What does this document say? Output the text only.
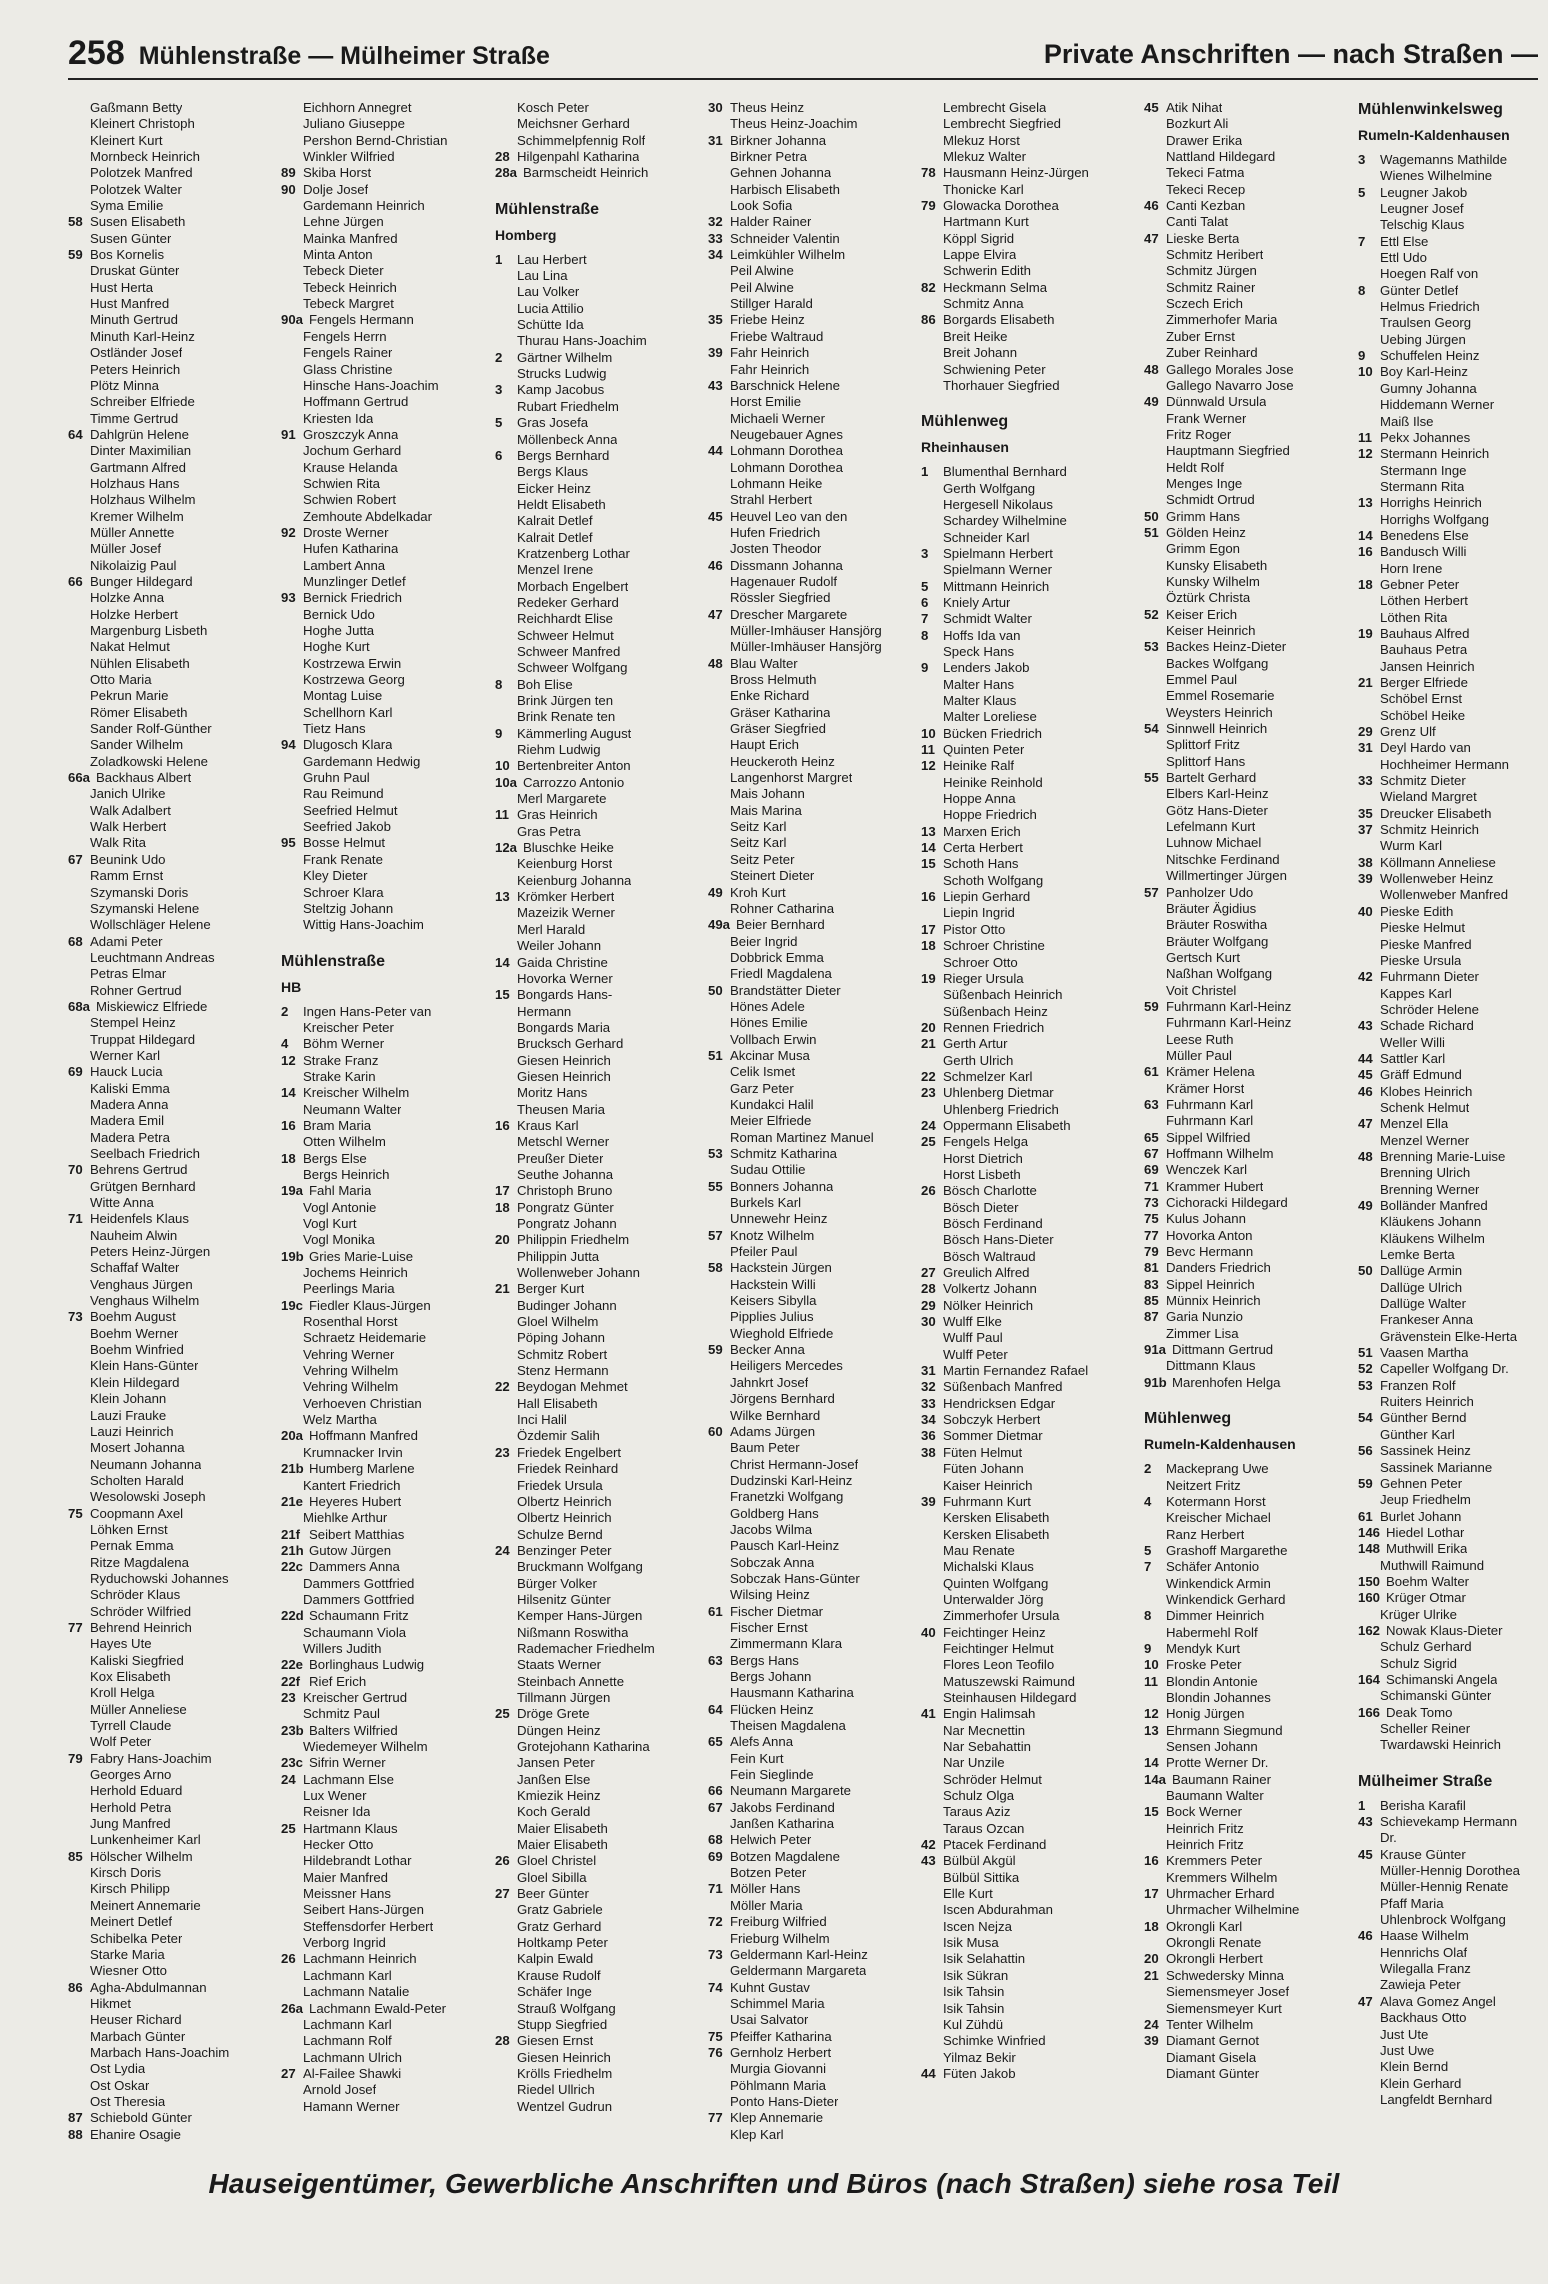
258 Mühlenstraße — Mülheimer Straße	Private Anschriften — nach Straßen —
Gaßmann Betty
Kleinert Christoph
Kleinert Kurt
Mornbeck Heinrich
Polotzek Manfred
Polotzek Walter
Syma Emilie
58 Susen Elisabeth
Susen Günter
59 Bos Kornelis
Druskat Günter
Hust Herta
Hust Manfred
Minuth Gertrud
Minuth Karl-Heinz
Ostländer Josef
Peters Heinrich
Plötz Minna
Schreiber Elfriede
Timme Gertrud
64 Dahlgrün Helene
Dinter Maximilian
Gartmann Alfred
Holzhaus Hans
Holzhaus Wilhelm
Kremer Wilhelm
Müller Annette
Müller Josef
Nikolaizig Paul
66 Bunger Hildegard
Holzke Anna
Holzke Herbert
Margenburg Lisbeth
Nakat Helmut
Nühlen Elisabeth
Otto Maria
Pekrun Marie
Römer Elisabeth
Sander Rolf-Günther
Sander Wilhelm
Zoladkowski Helene
66a Backhaus Albert
Janich Ulrike
Walk Adalbert
Walk Herbert
Walk Rita
67 Beunink Udo
Ramm Ernst
Szymanski Doris
Szymanski Helene
Wollschläger Helene
68 Adami Peter
Leuchtmann Andreas
Petras Elmar
Rohner Gertrud
68a Miskiewicz Elfriede
Stempel Heinz
Truppat Hildegard
Werner Karl
69 Hauck Lucia
Kaliski Emma
Madera Anna
Madera Emil
Madera Petra
Seelbach Friedrich
70 Behrens Gertrud
Grütgen Bernhard
Witte Anna
71 Heidenfels Klaus
Nauheim Alwin
Peters Heinz-Jürgen
Schaffaf Walter
Venghaus Jürgen
Venghaus Wilhelm
73 Boehm August
Boehm Werner
Boehm Winfried
Klein Hans-Günter
Klein Hildegard
Klein Johann
Lauzi Frauke
Lauzi Heinrich
Mosert Johanna
Neumann Johanna
Scholten Harald
Wesolowski Joseph
75 Coopmann Axel
Löhken Ernst
Pernak Emma
Ritze Magdalena
Ryduchowski Johannes
Schröder Klaus
Schröder Wilfried
77 Behrend Heinrich
Hayes Ute
Kaliski Siegfried
Kox Elisabeth
Kroll Helga
Müller Anneliese
Tyrrell Claude
Wolf Peter
79 Fabry Hans-Joachim
Georges Arno
Herhold Eduard
Herhold Petra
Jung Manfred
Lunkenheimer Karl
85 Hölscher Wilhelm
Kirsch Doris
Kirsch Philipp
Meinert Annemarie
Meinert Detlef
Schibelka Peter
Starke Maria
Wiesner Otto
86 Agha-Abdulmannan
Hikmet
Heuser Richard
Marbach Günter
Marbach Hans-Joachim
Ost Lydia
Ost Oskar
Ost Theresia
87 Schiebold Günter
88 Ehanire Osagie
Eichhorn Annegret
Juliano Giuseppe
Pershon Bernd-Christian
Winkler Wilfried
89 Skiba Horst
90 Dolje Josef
Gardemann Heinrich
Lehne Jürgen
Mainka Manfred
Minta Anton
Tebeck Dieter
Tebeck Heinrich
Tebeck Margret
90a Fengels Hermann
Fengels Herrn
Fengels Rainer
Glass Christine
Hinsche Hans-Joachim
Hoffmann Gertrud
Kriesten Ida
91 Groszczyk Anna
Jochum Gerhard
Krause Helanda
Schwien Rita
Schwien Robert
Zemhoute Abdelkadar
92 Droste Werner
Hufen Katharina
Lambert Anna
Munzlinger Detlef
93 Bernick Friedrich
Bernick Udo
Hoghe Jutta
Hoghe Kurt
Kostrzewa Erwin
Kostrzewa Georg
Montag Luise
Schellhorn Karl
Tietz Hans
94 Dlugosch Klara
Gardemann Hedwig
Gruhn Paul
Rau Reimund
Seefried Helmut
Seefried Jakob
95 Bosse Helmut
Frank Renate
Kley Dieter
Schroer Klara
Steltzig Johann
Wittig Hans-Joachim
Mühlenstraße
HB
2	Ingen Hans-Peter van
Kreischer Peter
4	Böhm Werner
12 Strake Franz
Strake Karin
14 Kreischer Wilhelm
Neumann Walter
16 Bram Maria
Otten Wilhelm
18 Bergs Else
Bergs Heinrich
19a Fahl Maria
Vogl Antonie
Vogl Kurt
Vogl Monika
19b Gries Marie-Luise
Jochems Heinrich
Peerlings Maria
19c Fiedler Klaus-Jürgen
Rosenthal Horst
Schraetz Heidemarie
Vehring Werner
Vehring Wilhelm
Vehring Wilhelm
Verhoeven Christian
Welz Martha
20a Hoffmann Manfred
Krumnacker Irvin
21b Humberg Marlene
Kantert Friedrich
21e Heyeres Hubert
Miehlke Arthur
21f Seibert Matthias
21h Gutow Jürgen
22c Dammers Anna
Dammers Gottfried
Dammers Gottfried
22d Schaumann Fritz
Schaumann Viola
Willers Judith
22e Borlinghaus Ludwig
22f Rief Erich
23 Kreischer Gertrud
Schmitz Paul
23b Balters Wilfried
Wiedemeyer Wilhelm
23c Sifrin Werner
24 Lachmann Else
Lux Wener
Reisner Ida
25 Hartmann Klaus
Hecker Otto
Hildebrandt Lothar
Maier Manfred
Meissner Hans
Seibert Hans-Jürgen
Steffensdorfer Herbert
Verborg Ingrid
26 Lachmann Heinrich
Lachmann Karl
Lachmann Natalie
26a Lachmann Ewald-Peter
Lachmann Karl
Lachmann Rolf
Lachmann Ulrich
27 Al-Failee Shawki
Arnold Josef
Hamann Werner
Kosch Peter
Meichsner Gerhard
Schimmelpfennig Rolf
28 Hilgenpahl Katharina
28a Barmscheidt Heinrich
Mühlenstraße
Homberg
1	Lau Herbert
Lau Lina
Lau Volker
Lucia Attilio
Schütte Ida
Thurau Hans-Joachim
2	Gärtner Wilhelm
Strucks Ludwig
3	Kamp Jacobus
Rubart Friedhelm
5	Gras Josefa
Möllenbeck Anna
6	Bergs Bernhard
Bergs Klaus
Eicker Heinz
Heldt Elisabeth
Kalrait Detlef
Kalrait Detlef
Kratzenberg Lothar
Menzel Irene
Morbach Engelbert
Redeker Gerhard
Reichhardt Elise
Schweer Helmut
Schweer Manfred
Schweer Wolfgang
8	Boh Elise
Brink Jürgen ten
Brink Renate ten
9	Kämmerling August
Riehm Ludwig
10 Bertenbreiter Anton
10a Carrozzo Antonio
Merl Margarete
11 Gras Heinrich
Gras Petra
12a Bluschke Heike
Keienburg Horst
Keienburg Johanna
13 Krömker Herbert
Mazeizik Werner
Merl Harald
Weiler Johann
14 Gaida Christine
Hovorka Werner
15 Bongards Hans-
Hermann
Bongards Maria
Brucksch Gerhard
Giesen Heinrich
Giesen Heinrich
Moritz Hans
Theusen Maria
16 Kraus Karl
Metschl Werner
Preußer Dieter
Seuthe Johanna
17 Christoph Bruno
18 Pongratz Günter
Pongratz Johann
20 Philippin Friedhelm
Philippin Jutta
Wollenweber Johann
21 Berger Kurt
Budinger Johann
Gloel Wilhelm
Pöping Johann
Schmitz Robert
Stenz Hermann
22 Beydogan Mehmet
Hall Elisabeth
Inci Halil
Özdemir Salih
23 Friedek Engelbert
Friedek Reinhard
Friedek Ursula
Olbertz Heinrich
Olbertz Heinrich
Schulze Bernd
24 Benzinger Peter
Bruckmann Wolfgang
Bürger Volker
Hilsenitz Günter
Kemper Hans-Jürgen
Nißmann Roswitha
Rademacher Friedhelm
Staats Werner
Steinbach Annette
Tillmann Jürgen
25 Dröge Grete
Düngen Heinz
Grotejohann Katharina
Jansen Peter
Janßen Else
Kmiezik Heinz
Koch Gerald
Maier Elisabeth
Maier Elisabeth
26 Gloel Christel
Gloel Sibilla
27 Beer Günter
Gratz Gabriele
Gratz Gerhard
Holtkamp Peter
Kalpin Ewald
Krause Rudolf
Schäfer Inge
Strauß Wolfgang
Stupp Siegfried
28 Giesen Ernst
Giesen Heinrich
Krölls Friedhelm
Riedel Ullrich
Wentzel Gudrun
30 Theus Heinz
Theus Heinz-Joachim
31 Birkner Johanna
Birkner Petra
Gehnen Johanna
Harbisch Elisabeth
Look Sofia
32 Halder Rainer
33 Schneider Valentin
34 Leimkühler Wilhelm
Peil Alwine
Peil Alwine
Stillger Harald
35 Friebe Heinz
Friebe Waltraud
39 Fahr Heinrich
Fahr Heinrich
43 Barschnick Helene
Horst Emilie
Michaeli Werner
Neugebauer Agnes
44 Lohmann Dorothea
Lohmann Dorothea
Lohmann Heike
Strahl Herbert
45 Heuvel Leo van den
Hufen Friedrich
Josten Theodor
46 Dissmann Johanna
Hagenauer Rudolf
Rössler Siegfried
47 Drescher Margarete
Müller-Imhäuser Hansjörg
Müller-Imhäuser Hansjörg
48 Blau Walter
Bross Helmuth
Enke Richard
Gräser Katharina
Gräser Siegfried
Haupt Erich
Heuckeroth Heinz
Langenhorst Margret
Mais Johann
Mais Marina
Seitz Karl
Seitz Karl
Seitz Peter
Steinert Dieter
49 Kroh Kurt
Rohner Catharina
49a Beier Bernhard
Beier Ingrid
Dobbrick Emma
Friedl Magdalena
50 Brandstätter Dieter
Hönes Adele
Hönes Emilie
Vollbach Erwin
51 Akcinar Musa
Celik Ismet
Garz Peter
Kundakci Halil
Meier Elfriede
Roman Martinez Manuel
53 Schmitz Katharina
Sudau Ottilie
55 Bonners Johanna
Burkels Karl
Unnewehr Heinz
57 Knotz Wilhelm
Pfeiler Paul
58 Hackstein Jürgen
Hackstein Willi
Keisers Sibylla
Pipplies Julius
Wieghold Elfriede
59 Becker Anna
Heiligers Mercedes
Jahnkrt Josef
Jörgens Bernhard
Wilke Bernhard
60 Adams Jürgen
Baum Peter
Christ Hermann-Josef
Dudzinski Karl-Heinz
Franetzki Wolfgang
Goldberg Hans
Jacobs Wilma
Pausch Karl-Heinz
Sobczak Anna
Sobczak Hans-Günter
Wilsing Heinz
61 Fischer Dietmar
Fischer Ernst
Zimmermann Klara
63 Bergs Hans
Bergs Johann
Hausmann Katharina
64 Flücken Heinz
Theisen Magdalena
65 Alefs Anna
Fein Kurt
Fein Sieglinde
66 Neumann Margarete
67 Jakobs Ferdinand
Janßen Katharina
68 Helwich Peter
69 Botzen Magdalene
Botzen Peter
71 Möller Hans
Möller Maria
72 Freiburg Wilfried
Frieburg Wilhelm
73 Geldermann Karl-Heinz
Geldermann Margareta
74 Kuhnt Gustav
Schimmel Maria
Usai Salvator
75 Pfeiffer Katharina
76 Gernholz Herbert
Murgia Giovanni
Pöhlmann Maria
Ponto Hans-Dieter
77 Klep Annemarie
Klep Karl
Lembrecht Gisela
Lembrecht Siegfried
Mlekuz Horst
Mlekuz Walter
78 Hausmann Heinz-Jürgen
Thonicke Karl
79 Glowacka Dorothea
Hartmann Kurt
Köppl Sigrid
Lappe Elvira
Schwerin Edith
82 Heckmann Selma
Schmitz Anna
86 Borgards Elisabeth
Breit Heike
Breit Johann
Schwiening Peter
Thorhauer Siegfried
Mühlenweg
Rheinhausen
1	Blumenthal Bernhard
Gerth Wolfgang
Hergesell Nikolaus
Schardey Wilhelmine
Schneider Karl
3	Spielmann Herbert
Spielmann Werner
5	Mittmann Heinrich
6	Kniely Artur
7	Schmidt Walter
8	Hoffs Ida van
Speck Hans
9	Lenders Jakob
Malter Hans
Malter Klaus
Malter Loreliese
10 Bücken Friedrich
11 Quinten Peter
12 Heinike Ralf
Heinike Reinhold
Hoppe Anna
Hoppe Friedrich
13 Marxen Erich
14 Certa Herbert
15 Schoth Hans
Schoth Wolfgang
16 Liepin Gerhard
Liepin Ingrid
17 Pistor Otto
18 Schroer Christine
Schroer Otto
19 Rieger Ursula
Süßenbach Heinrich
Süßenbach Heinz
20 Rennen Friedrich
21 Gerth Artur
Gerth Ulrich
22 Schmelzer Karl
23 Uhlenberg Dietmar
Uhlenberg Friedrich
24 Oppermann Elisabeth
25 Fengels Helga
Horst Dietrich
Horst Lisbeth
26 Bösch Charlotte
Bösch Dieter
Bösch Ferdinand
Bösch Hans-Dieter
Bösch Waltraud
27 Greulich Alfred
28 Volkertz Johann
29 Nölker Heinrich
30 Wulff Elke
Wulff Paul
Wulff Peter
31 Martin Fernandez Rafael
32 Süßenbach Manfred
33 Hendricksen Edgar
34 Sobczyk Herbert
36 Sommer Dietmar
38 Füten Helmut
Füten Johann
Kaiser Heinrich
39 Fuhrmann Kurt
Kersken Elisabeth
Kersken Elisabeth
Mau Renate
Michalski Klaus
Quinten Wolfgang
Unterwalder Jörg
Zimmerhofer Ursula
40 Feichtinger Heinz
Feichtinger Helmut
Flores Leon Teofilo
Matuszewski Raimund
Steinhausen Hildegard
41 Engin Halimsah
Nar Mecnettin
Nar Sebahattin
Nar Unzile
Schröder Helmut
Schulz Olga
Taraus Aziz
Taraus Ozcan
42 Ptacek Ferdinand
43 Bülbül Akgül
Bülbül Sittika
Elle Kurt
Iscen Abdurahman
Iscen Nejza
Isik Musa
Isik Selahattin
Isik Sükran
Isik Tahsin
Isik Tahsin
Kul Zühdü
Schimke Winfried
Yilmaz Bekir
44 Füten Jakob
45 Atik Nihat
Bozkurt Ali
Drawer Erika
Nattland Hildegard
Tekeci Fatma
Tekeci Recep
46 Canti Kezban
Canti Talat
47 Lieske Berta
Schmitz Heribert
Schmitz Jürgen
Schmitz Rainer
Sczech Erich
Zimmerhofer Maria
Zuber Ernst
Zuber Reinhard
48 Gallego Morales Jose
Gallego Navarro Jose
49 Dünnwald Ursula
Frank Werner
Fritz Roger
Hauptmann Siegfried
Heldt Rolf
Menges Inge
Schmidt Ortrud
50 Grimm Hans
51 Gölden Heinz
Grimm Egon
Kunsky Elisabeth
Kunsky Wilhelm
Öztürk Christa
52 Keiser Erich
Keiser Heinrich
53 Backes Heinz-Dieter
Backes Wolfgang
Emmel Paul
Emmel Rosemarie
Weysters Heinrich
54 Sinnwell Heinrich
Splittorf Fritz
Splittorf Hans
55 Bartelt Gerhard
Elbers Karl-Heinz
Götz Hans-Dieter
Lefelmann Kurt
Luhnow Michael
Nitschke Ferdinand
Willmertinger Jürgen
57 Panholzer Udo
Bräuter Ägidius
Bräuter Roswitha
Bräuter Wolfgang
Gertsch Kurt
Naßhan Wolfgang
Voit Christel
59 Fuhrmann Karl-Heinz
Fuhrmann Karl-Heinz
Leese Ruth
Müller Paul
61 Krämer Helena
Krämer Horst
63 Fuhrmann Karl
Fuhrmann Karl
65 Sippel Wilfried
67 Hoffmann Wilhelm
69 Wenczek Karl
71 Krammer Hubert
73 Cichoracki Hildegard
75 Kulus Johann
77 Hovorka Anton
79 Bevc Hermann
81 Danders Friedrich
83 Sippel Heinrich
85 Münnix Heinrich
87 Garia Nunzio
Zimmer Lisa
91a Dittmann Gertrud
Dittmann Klaus
91b Marenhofen Helga
Mühlenweg
Rumeln-Kaldenhausen
2	Mackeprang Uwe
Neitzert Fritz
4	Kotermann Horst
Kreischer Michael
Ranz Herbert
5	Grashoff Margarethe
7	Schäfer Antonio
Winkendick Armin
Winkendick Gerhard
8	Dimmer Heinrich
Habermehl Rolf
9	Mendyk Kurt
10 Froske Peter
11 Blondin Antonie
Blondin Johannes
12 Honig Jürgen
13 Ehrmann Siegmund
Sensen Johann
14 Protte Werner Dr.
14a Baumann Rainer
Baumann Walter
15 Bock Werner
Heinrich Fritz
Heinrich Fritz
16 Kremmers Peter
Kremmers Wilhelm
17 Uhrmacher Erhard
Uhrmacher Wilhelmine
18 Okrongli Karl
Okrongli Renate
20 Okrongli Herbert
21 Schwedersky Minna
Siemensmeyer Josef
Siemensmeyer Kurt
24 Tenter Wilhelm
39 Diamant Gernot
Diamant Gisela
Diamant Günter
Mühlenwinkelsweg
Rumeln-Kaldenhausen
3	Wagemanns Mathilde
Wienes Wilhelmine
5	Leugner Jakob
Leugner Josef
Telschig Klaus
7	Ettl Else
Ettl Udo
Hoegen Ralf von
8	Günter Detlef
Helmus Friedrich
Traulsen Georg
Uebing Jürgen
9	Schuffelen Heinz
10 Boy Karl-Heinz
Gumny Johanna
Hiddemann Werner
Maiß Ilse
11 Pekx Johannes
12 Stermann Heinrich
Stermann Inge
Stermann Rita
13 Horrighs Heinrich
Horrighs Wolfgang
14 Benedens Else
16 Bandusch Willi
Horn Irene
18 Gebner Peter
Löthen Herbert
Löthen Rita
19 Bauhaus Alfred
Bauhaus Petra
Jansen Heinrich
21 Berger Elfriede
Schöbel Ernst
Schöbel Heike
29 Grenz Ulf
31 Deyl Hardo van
Hochheimer Hermann
33 Schmitz Dieter
Wieland Margret
35 Dreucker Elisabeth
37 Schmitz Heinrich
Wurm Karl
38 Köllmann Anneliese
39 Wollenweber Heinz
Wollenweber Manfred
40 Pieske Edith
Pieske Helmut
Pieske Manfred
Pieske Ursula
42 Fuhrmann Dieter
Kappes Karl
Schröder Helene
43 Schade Richard
Weller Willi
44 Sattler Karl
45 Gräff Edmund
46 Klobes Heinrich
Schenk Helmut
47 Menzel Ella
Menzel Werner
48 Brenning Marie-Luise
Brenning Ulrich
Brenning Werner
49 Bolländer Manfred
Kläukens Johann
Kläukens Wilhelm
Lemke Berta
50 Dallüge Armin
Dallüge Ulrich
Dallüge Walter
Frankeser Anna
Grävenstein Elke-Herta
51 Vaasen Martha
52 Capeller Wolfgang Dr.
53 Franzen Rolf
Ruiters Heinrich
54 Günther Bernd
Günther Karl
56 Sassinek Heinz
Sassinek Marianne
59 Gehnen Peter
Jeup Friedhelm
61 Burlet Johann
146 Hiedel Lothar
148 Muthwill Erika
Muthwill Raimund
150 Boehm Walter
160 Krüger Otmar
Krüger Ulrike
162 Nowak Klaus-Dieter
Schulz Gerhard
Schulz Sigrid
164 Schimanski Angela
Schimanski Günter
166 Deak Tomo
Scheller Reiner
Twardawski Heinrich
Mülheimer Straße
1	Berisha Karafil
43 Schievekamp Hermann
Dr.
45 Krause Günter
Müller-Hennig Dorothea
Müller-Hennig Renate
Pfaff Maria
Uhlenbrock Wolfgang
46 Haase Wilhelm
Hennrichs Olaf
Wilegalla Franz
Zawieja Peter
47 Alava Gomez Angel
Backhaus Otto
Just Ute
Just Uwe
Klein Bernd
Klein Gerhard
Langfeldt Bernhard
Hauseigentümer, Gewerbliche Anschriften und Büros (nach Straßen) siehe rosa Teil
